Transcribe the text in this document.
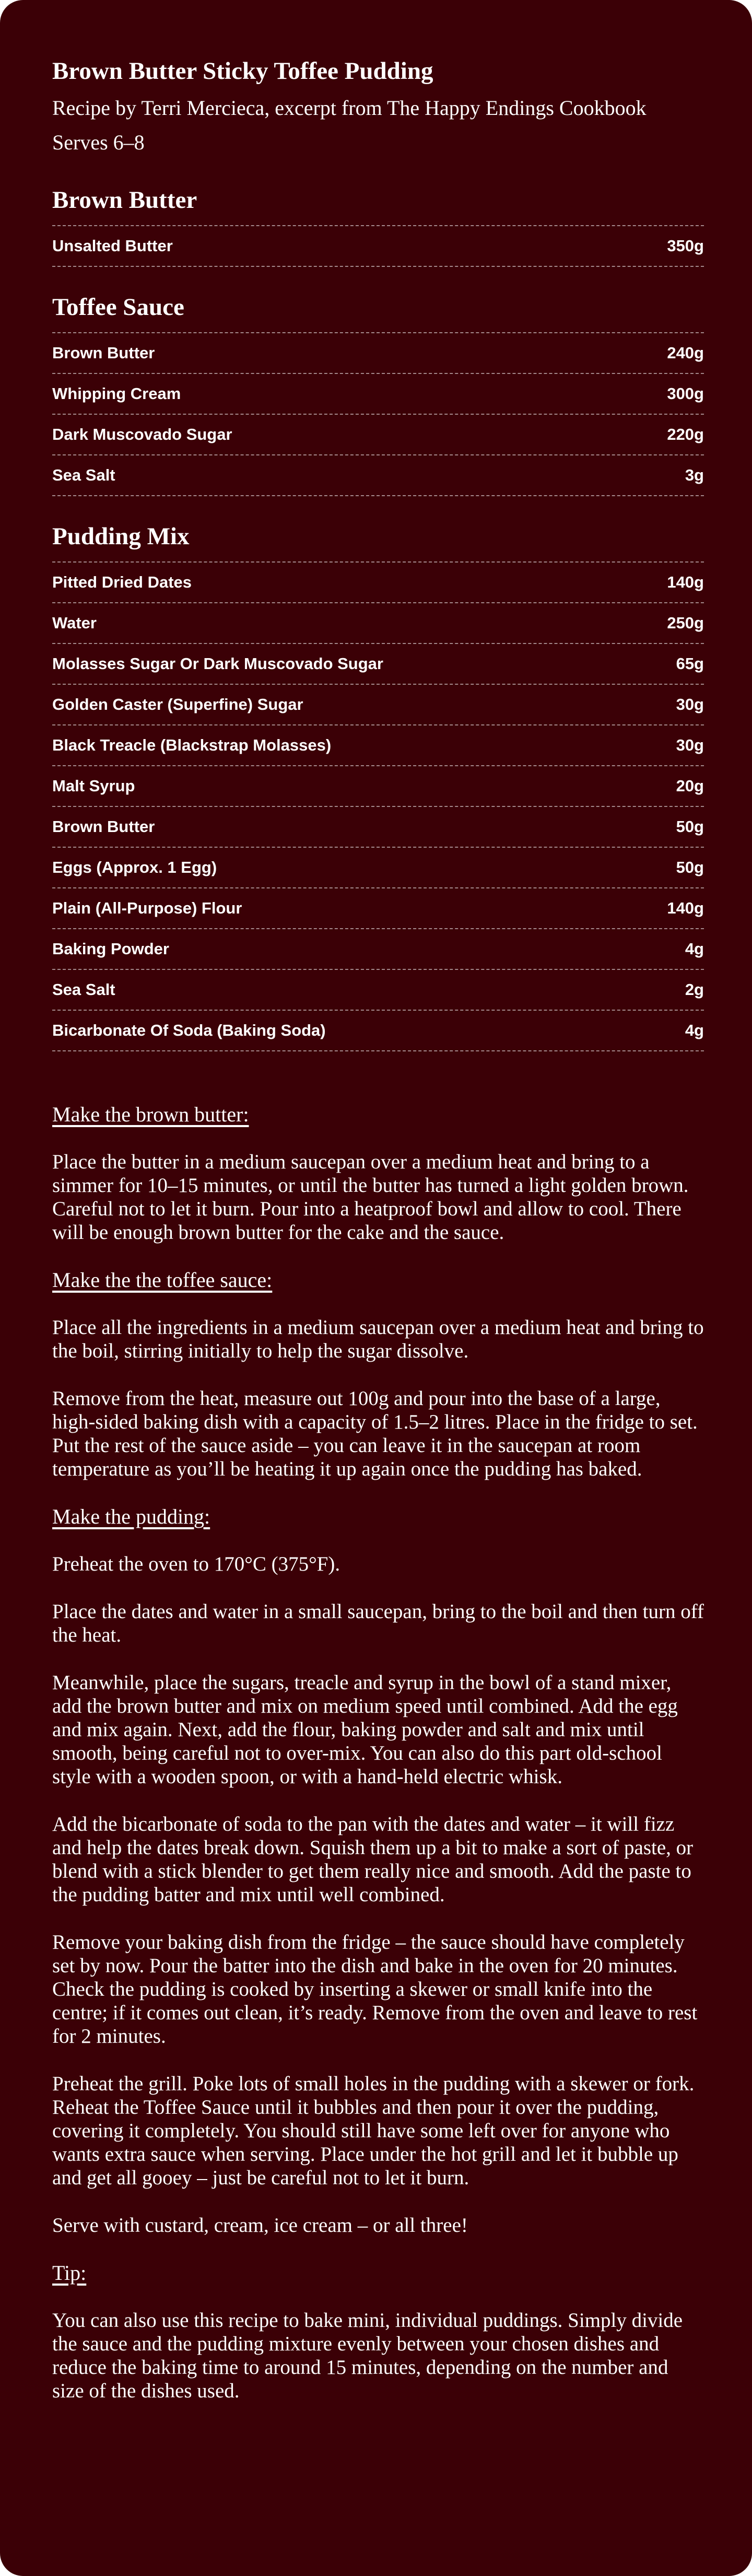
Brown Butter Sticky Toffee Pudding

Recipe by Terri Mercieca, excerpt from The Happy Endings Cookbook

Serves 6–8

Brown Butter
Unsalted Butter	350g
Toffee Sauce
Brown Butter	240g
Whipping Cream	300g
Dark Muscovado Sugar	220g
Sea Salt	3g
Pudding Mix
Pitted Dried Dates	140g
Water	250g
Molasses Sugar Or Dark Muscovado Sugar	65g
Golden Caster (Superfine) Sugar	30g
Black Treacle (Blackstrap Molasses)	30g
Malt Syrup	20g
Brown Butter	50g
Eggs (Approx. 1 Egg)	50g
Plain (All-Purpose) Flour	140g
Baking Powder	4g
Sea Salt	2g
Bicarbonate Of Soda (Baking Soda)	4g
Make the brown butter:

Place the butter in a medium saucepan over a medium heat and bring to a simmer for 10–15 minutes, or until the butter has turned a light golden brown. Careful not to let it burn. Pour into a heatproof bowl and allow to cool. There will be enough brown butter for the cake and the sauce.

Make the the toffee sauce:

Place all the ingredients in a medium saucepan over a medium heat and bring to the boil, stirring initially to help the sugar dissolve.

Remove from the heat, measure out 100g and pour into the base of a large, high-sided baking dish with a capacity of 1.5–2 litres. Place in the fridge to set. Put the rest of the sauce aside – you can leave it in the saucepan at room temperature as you’ll be heating it up again once the pudding has baked.

Make the pudding:

Preheat the oven to 170°C (375°F).

Place the dates and water in a small saucepan, bring to the boil and then turn off the heat.

Meanwhile, place the sugars, treacle and syrup in the bowl of a stand mixer, add the brown butter and mix on medium speed until combined. Add the egg and mix again. Next, add the flour, baking powder and salt and mix until smooth, being careful not to over-mix. You can also do this part old-school style with a wooden spoon, or with a hand-held electric whisk.

Add the bicarbonate of soda to the pan with the dates and water – it will fizz and help the dates break down. Squish them up a bit to make a sort of paste, or blend with a stick blender to get them really nice and smooth. Add the paste to the pudding batter and mix until well combined.

Remove your baking dish from the fridge – the sauce should have completely set by now. Pour the batter into the dish and bake in the oven for 20 minutes. Check the pudding is cooked by inserting a skewer or small knife into the centre; if it comes out clean, it’s ready. Remove from the oven and leave to rest for 2 minutes.

Preheat the grill. Poke lots of small holes in the pudding with a skewer or fork. Reheat the Toffee Sauce until it bubbles and then pour it over the pudding, covering it completely. You should still have some left over for anyone who wants extra sauce when serving. Place under the hot grill and let it bubble up and get all gooey – just be careful not to let it burn.

Serve with custard, cream, ice cream – or all three!

Tip:

You can also use this recipe to bake mini, individual puddings. Simply divide the sauce and the pudding mixture evenly between your chosen dishes and reduce the baking time to around 15 minutes, depending on the number and size of the dishes used.
